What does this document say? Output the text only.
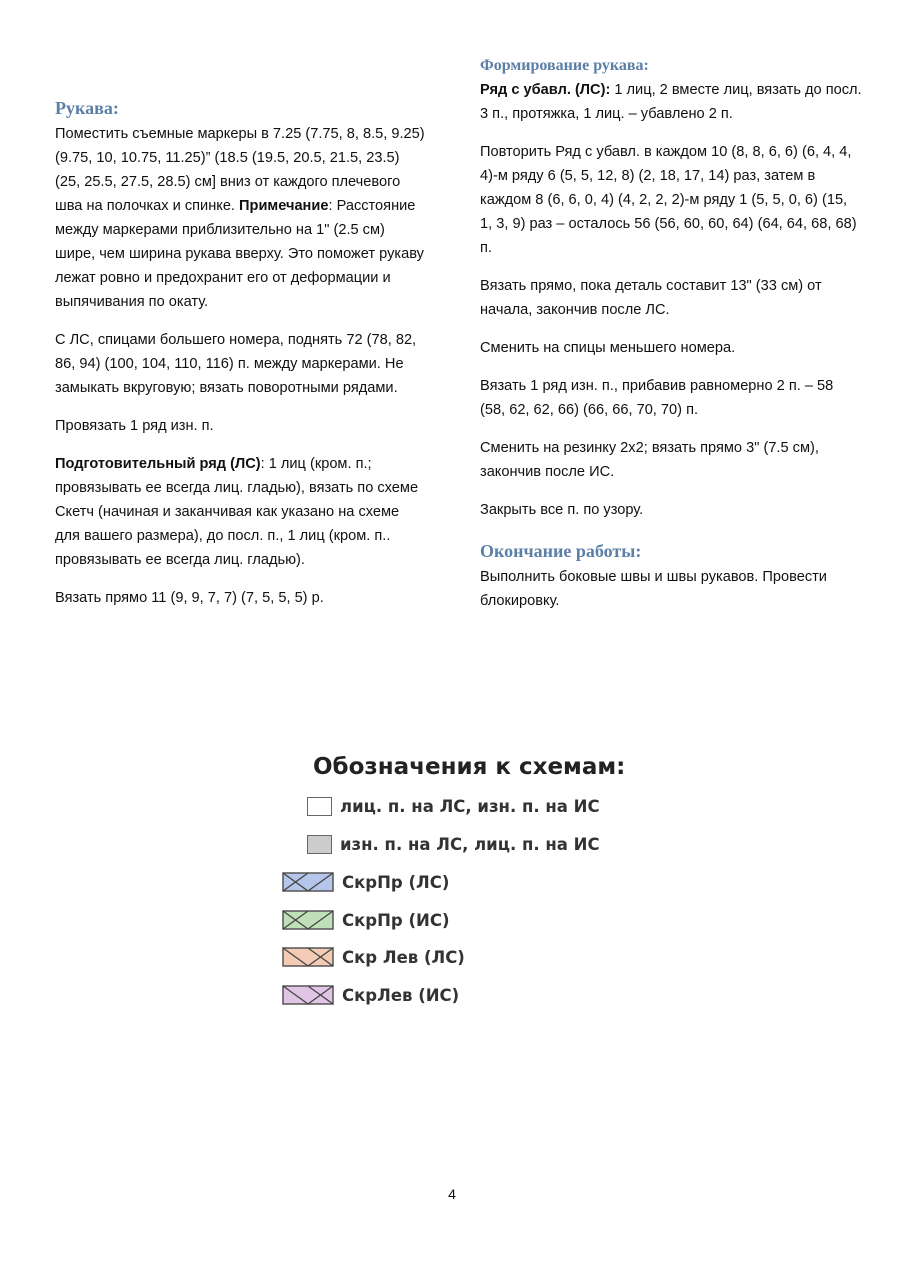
Рукава:

Поместить съемные маркеры в 7.25 (7.75, 8, 8.5, 9.25) (9.75, 10, 10.75, 11.25)” (18.5 (19.5, 20.5, 21.5, 23.5) (25, 25.5, 27.5, 28.5) см] вниз от каждого плечевого шва на полочках и спинке. Примечание: Расстояние между маркерами приблизительно на 1" (2.5 см) шире, чем ширина рукава вверху. Это поможет рукаву лежат ровно и предохранит его от деформации и выпячивания по окату.

С ЛС, спицами большего номера, поднять 72 (78, 82, 86, 94) (100, 104, 110, 116) п. между маркерами. Не замыкать вкруговую; вязать поворотными рядами.

Провязать 1 ряд изн. п.

Подготовительный ряд (ЛС): 1 лиц (кром. п.; провязывать ее всегда лиц. гладью), вязать по схеме Скетч (начиная и заканчивая как указано на схеме для вашего размера), до посл. п., 1 лиц (кром. п.. провязывать ее всегда лиц. гладью).

Вязать прямо 11 (9, 9, 7, 7) (7, 5, 5, 5) р.

Формирование рукава:

Ряд с убавл. (ЛС): 1 лиц, 2 вместе лиц, вязать до посл. 3 п., протяжка, 1 лиц. – убавлено 2 п.

Повторить Ряд с убавл. в каждом 10 (8, 8, 6, 6) (6, 4, 4, 4)-м ряду 6 (5, 5, 12, 8) (2, 18, 17, 14) раз, затем в каждом 8 (6, 6, 0, 4) (4, 2, 2, 2)-м ряду 1 (5, 5, 0, 6) (15, 1, 3, 9) раз – осталось 56 (56, 60, 60, 64) (64, 64, 68, 68) п.

Вязать прямо, пока деталь составит 13" (33 см) от начала, закончив после ЛС.

Сменить на спицы меньшего номера.

Вязать 1 ряд изн. п., прибавив равномерно 2 п. – 58 (58, 62, 62, 66) (66, 66, 70, 70) п.

Сменить на резинку 2x2; вязать прямо 3" (7.5 см), закончив после ИС.

Закрыть все п. по узору.

Окончание работы:

Выполнить боковые швы и швы рукавов. Провести блокировку.

Обозначения к схемам:
лиц. п. на ЛС, изн. п. на ИС
изн. п. на ЛС, лиц. п. на ИС
СкрПр (ЛС)
СкрПр (ИС)
Скр Лев (ЛС)
СкрЛев (ИС)
4
